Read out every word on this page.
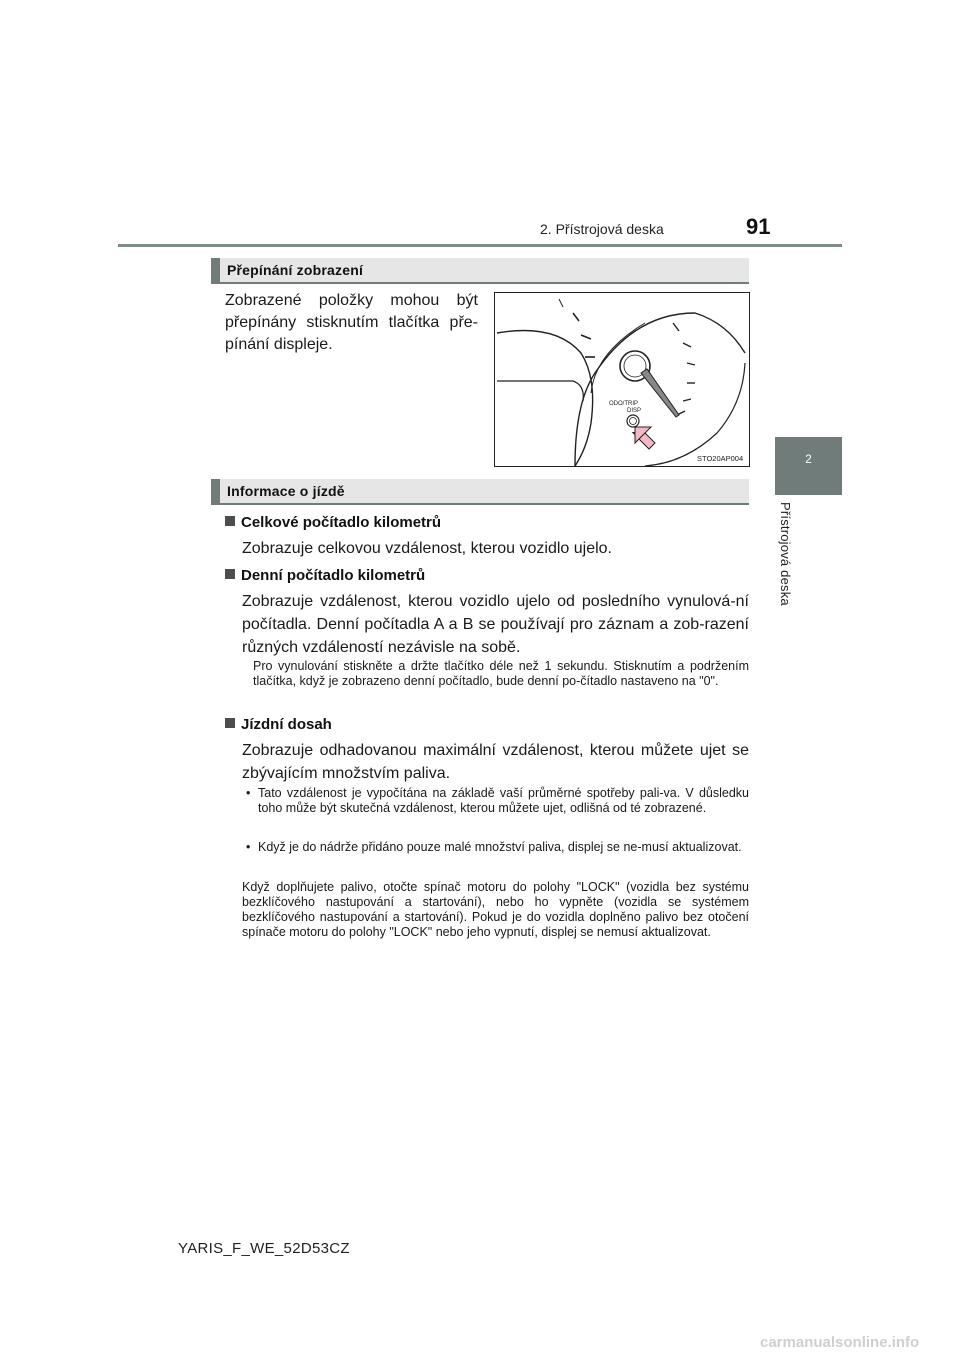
2. Přístrojová deska	91
2
Přístrojová deska
Přepínání zobrazení
Zobrazené položky mohou být přepínány stisknutím tlačítka pře-pínání displeje.
ODO/TRIP
DISP
STO20AP004
Informace o jízdě
Celkové počítadlo kilometrů
Zobrazuje celkovou vzdálenost, kterou vozidlo ujelo.
Denní počítadlo kilometrů
Zobrazuje vzdálenost, kterou vozidlo ujelo od posledního vynulová-ní počítadla. Denní počítadla A a B se používají pro záznam a zob-razení různých vzdáleností nezávisle na sobě.
Pro vynulování stiskněte a držte tlačítko déle než 1 sekundu. Stisknutím a podržením tlačítka, když je zobrazeno denní počítadlo, bude denní po-čítadlo nastaveno na "0".
Jízdní dosah
Zobrazuje odhadovanou maximální vzdálenost, kterou můžete ujet se zbývajícím množstvím paliva.
• Tato vzdálenost je vypočítána na základě vaší průměrné spotřeby pali-va. V důsledku toho může být skutečná vzdálenost, kterou můžete ujet, odlišná od té zobrazené.
• Když je do nádrže přidáno pouze malé množství paliva, displej se ne-musí aktualizovat.
Když doplňujete palivo, otočte spínač motoru do polohy "LOCK" (vozidla bez systému bezklíčového nastupování a startování), nebo ho vypněte (vozidla se systémem bezklíčového nastupování a startování). Pokud je do vozidla doplněno palivo bez otočení spínače motoru do polohy "LOCK" nebo jeho vypnutí, displej se nemusí aktualizovat.
YARIS_F_WE_52D53CZ
carmanualsonline.info
